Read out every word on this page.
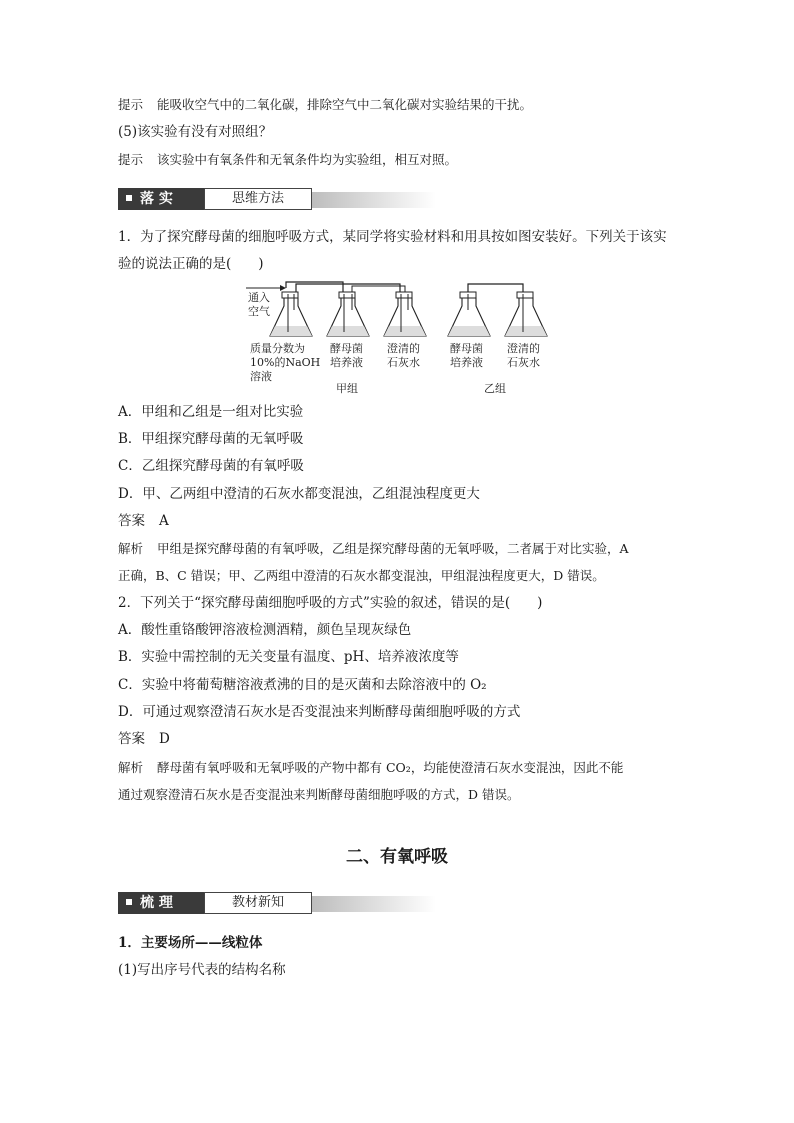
提示 能吸收空气中的二氧化碳，排除空气中二氧化碳对实验结果的干扰。
(5)该实验有没有对照组？
提示 该实验中有氧条件和无氧条件均为实验组，相互对照。
落 实	思维方法
1．为了探究酵母菌的细胞呼吸方式，某同学将实验材料和用具按如图安装好。下列关于该实
验的说法正确的是(　　)
通入
空气
质量分数为
10%的NaOH
溶液
酵母菌
培养液
澄清的
石灰水
酵母菌
培养液
澄清的
石灰水
甲组	乙组
A．甲组和乙组是一组对比实验
B．甲组探究酵母菌的无氧呼吸
C．乙组探究酵母菌的有氧呼吸
D．甲、乙两组中澄清的石灰水都变混浊，乙组混浊程度更大
答案 A
解析 甲组是探究酵母菌的有氧呼吸，乙组是探究酵母菌的无氧呼吸，二者属于对比实验，A
正确，B、C 错误；甲、乙两组中澄清的石灰水都变混浊，甲组混浊程度更大，D 错误。
2．下列关于“探究酵母菌细胞呼吸的方式”实验的叙述，错误的是(　　)
A．酸性重铬酸钾溶液检测酒精，颜色呈现灰绿色
B．实验中需控制的无关变量有温度、pH、培养液浓度等
C．实验中将葡萄糖溶液煮沸的目的是灭菌和去除溶液中的 O₂
D．可通过观察澄清石灰水是否变混浊来判断酵母菌细胞呼吸的方式
答案 D
解析 酵母菌有氧呼吸和无氧呼吸的产物中都有 CO₂，均能使澄清石灰水变混浊，因此不能
通过观察澄清石灰水是否变混浊来判断酵母菌细胞呼吸的方式，D 错误。
二、有氧呼吸
梳 理	教材新知
1．主要场所——线粒体
(1)写出序号代表的结构名称
